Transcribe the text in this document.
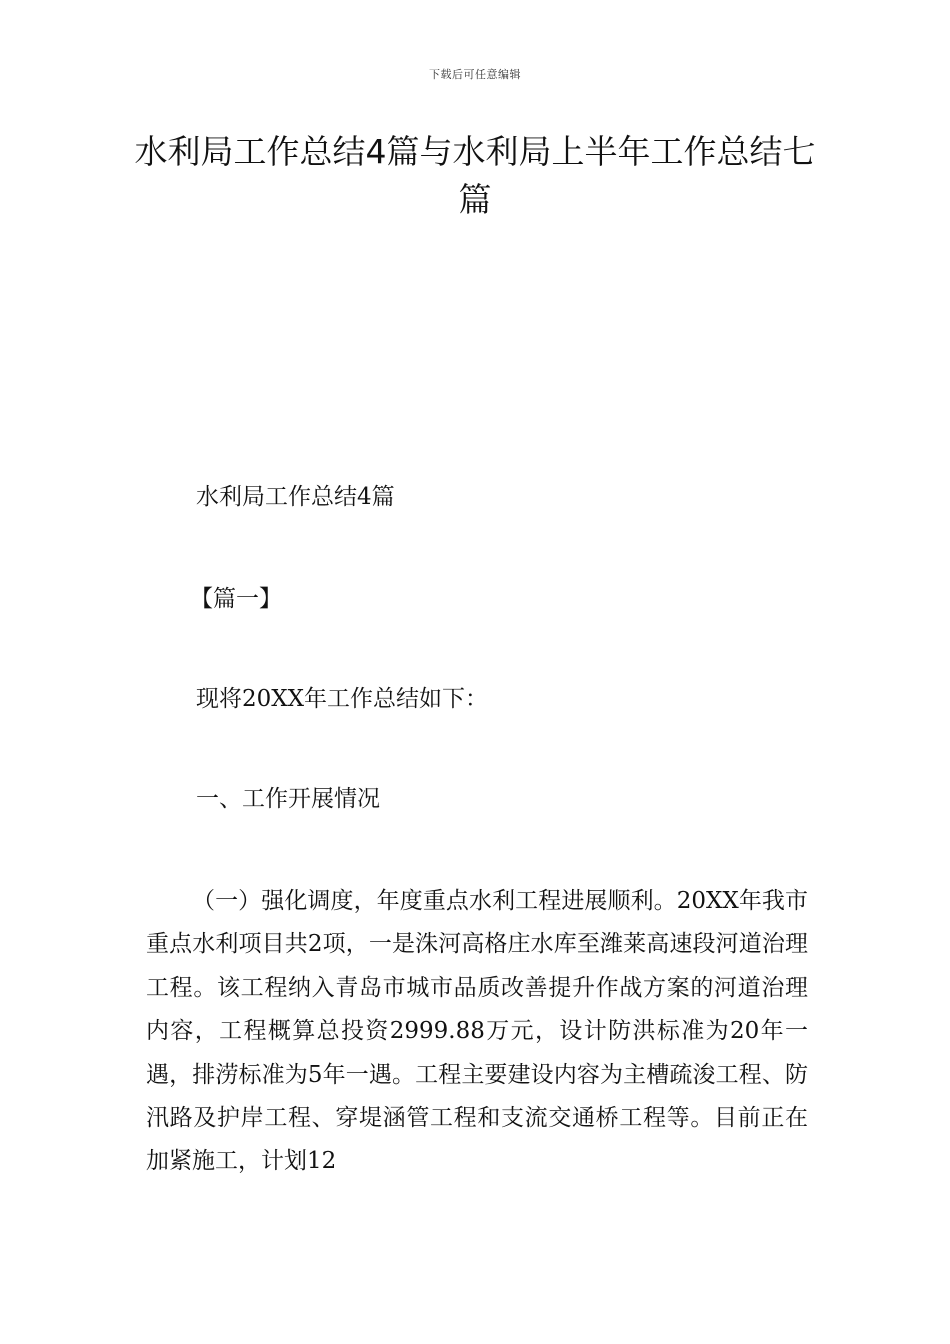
下载后可任意编辑
水利局工作总结4篇与水利局上半年工作总结七篇
水利局工作总结4篇
【篇一】
现将20XX年工作总结如下：
一、工作开展情况
（一）强化调度，年度重点水利工程进展顺利。20XX年我市重点水利项目共2项，一是洙河高格庄水库至潍莱高速段河道治理工程。该工程纳入青岛市城市品质改善提升作战方案的河道治理内容，工程概算总投资2999.88万元，设计防洪标准为20年一遇，排涝标准为5年一遇。工程主要建设内容为主槽疏浚工程、防汛路及护岸工程、穿堤涵管工程和支流交通桥工程等。目前正在加紧施工，计划12
